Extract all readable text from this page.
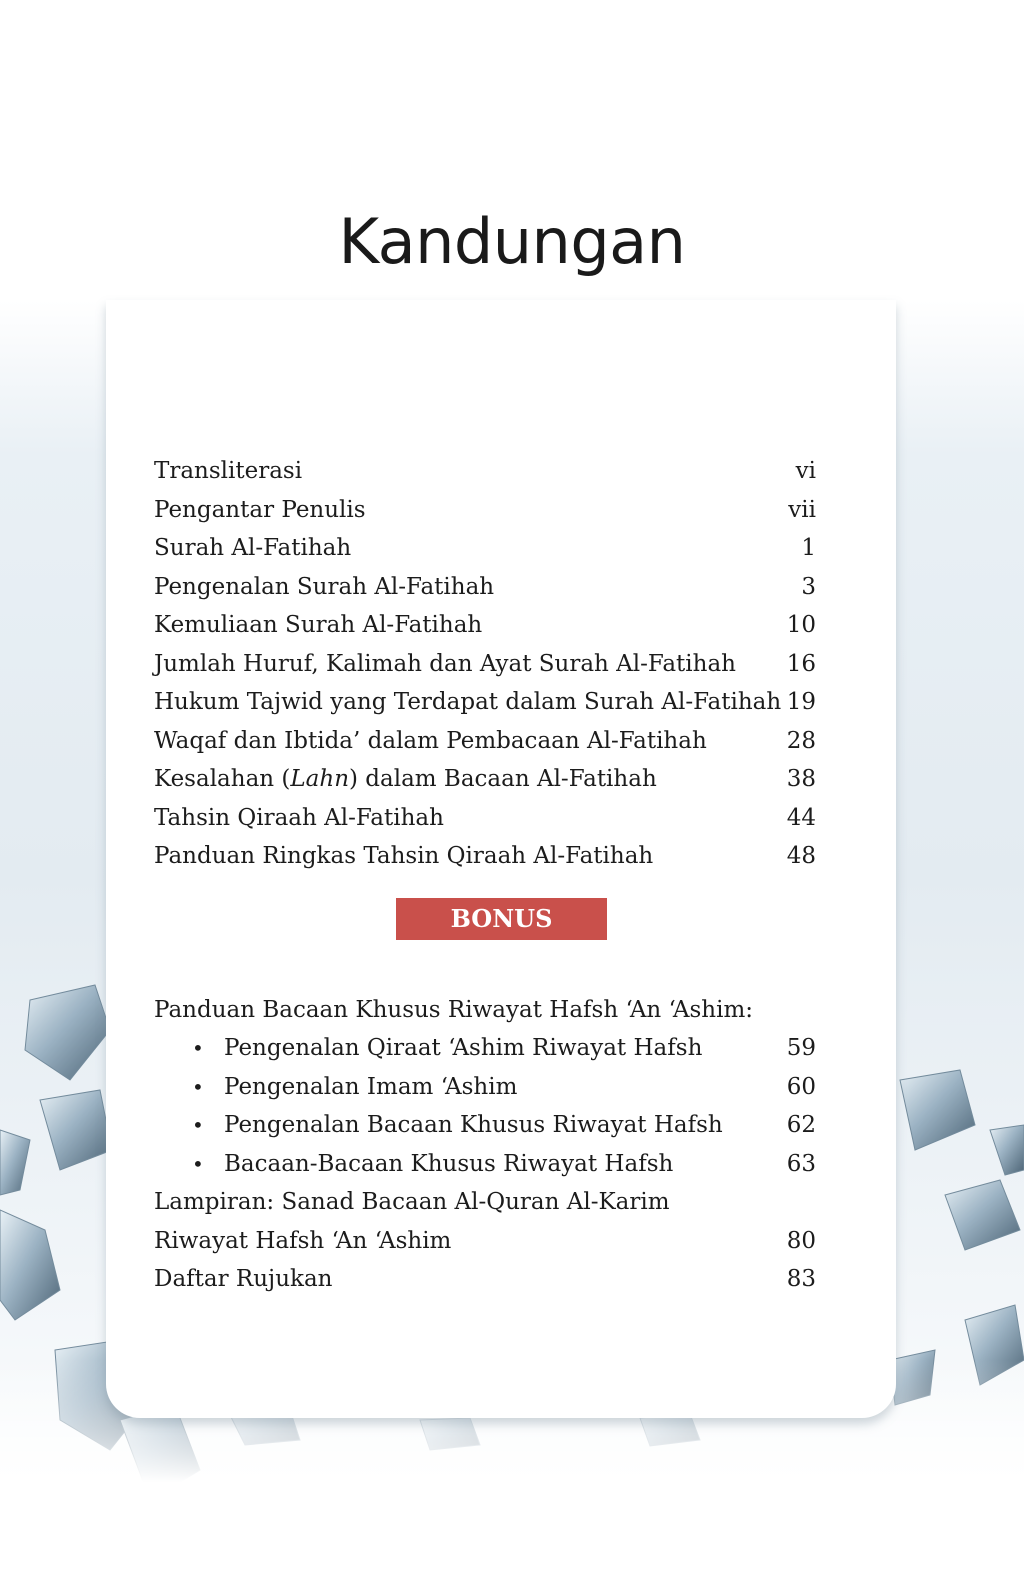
Kandungan
Transliterasi	vi
Pengantar Penulis	vii
Surah Al-Fatihah	1
Pengenalan Surah Al-Fatihah	3
Kemuliaan Surah Al-Fatihah	10
Jumlah Huruf, Kalimah dan Ayat Surah Al-Fatihah 16
Hukum Tajwid yang Terdapat dalam Surah Al-Fatihah 19
Waqaf dan Ibtida’ dalam Pembacaan Al-Fatihah	28
Kesalahan (Lahn) dalam Bacaan Al-Fatihah	38
Tahsin Qiraah Al-Fatihah	44
Panduan Ringkas Tahsin Qiraah Al-Fatihah	48
BONUS
Panduan Bacaan Khusus Riwayat Hafsh ‘An ‘Ashim:
• Pengenalan Qiraat ‘Ashim Riwayat Hafsh	59
• Pengenalan Imam ‘Ashim	60
• Pengenalan Bacaan Khusus Riwayat Hafsh	62
• Bacaan-Bacaan Khusus Riwayat Hafsh	63
Lampiran: Sanad Bacaan Al-Quran Al-Karim
Riwayat Hafsh ‘An ‘Ashim	80
Daftar Rujukan	83
